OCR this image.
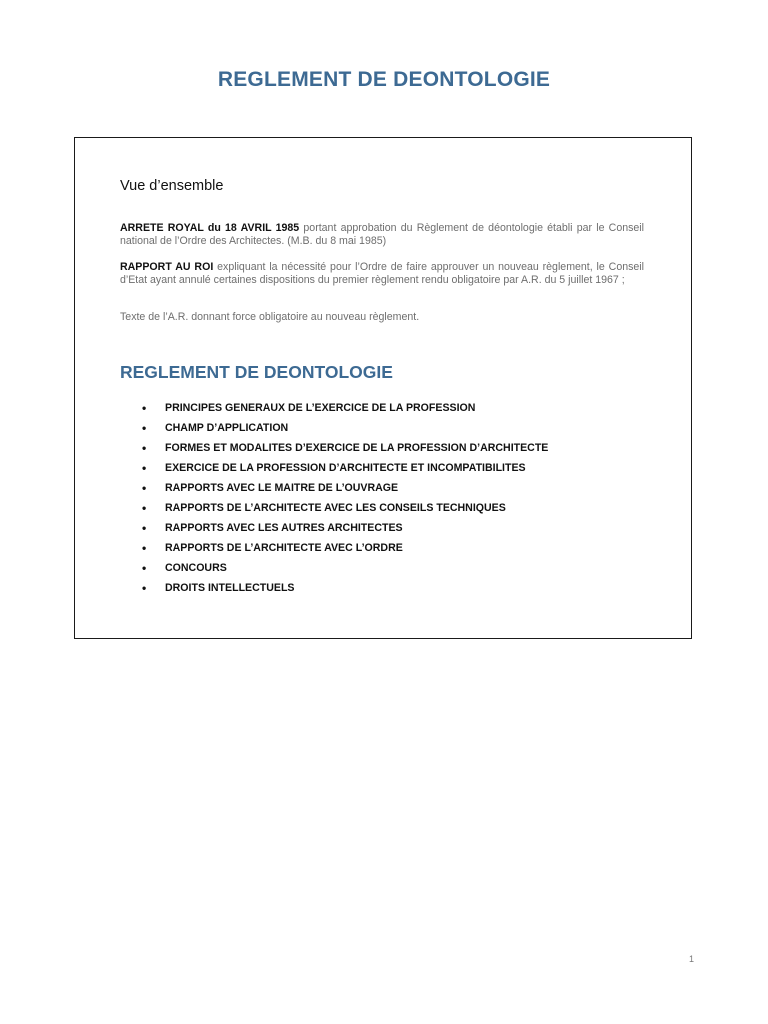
REGLEMENT DE DEONTOLOGIE
Vue d’ensemble
ARRETE ROYAL du 18 AVRIL 1985 portant approbation du Règlement de déontologie établi par le Conseil national de l’Ordre des Architectes. (M.B. du 8 mai 1985)
RAPPORT AU ROI expliquant la nécessité pour l’Ordre de faire approuver un nouveau règlement, le Conseil d’Etat ayant annulé certaines dispositions du premier règlement rendu obligatoire par A.R. du 5 juillet 1967 ;
Texte de l’A.R. donnant force obligatoire au nouveau règlement.
REGLEMENT DE DEONTOLOGIE
• PRINCIPES GENERAUX DE L’EXERCICE DE LA PROFESSION
• CHAMP D’APPLICATION
• FORMES ET MODALITES D’EXERCICE DE LA PROFESSION D’ARCHITECTE
• EXERCICE DE LA PROFESSION D’ARCHITECTE ET INCOMPATIBILITES
• RAPPORTS AVEC LE MAITRE DE L’OUVRAGE
• RAPPORTS DE L’ARCHITECTE AVEC LES CONSEILS TECHNIQUES
• RAPPORTS AVEC LES AUTRES ARCHITECTES
• RAPPORTS DE L’ARCHITECTE AVEC L’ORDRE
• CONCOURS
• DROITS INTELLECTUELS
1
